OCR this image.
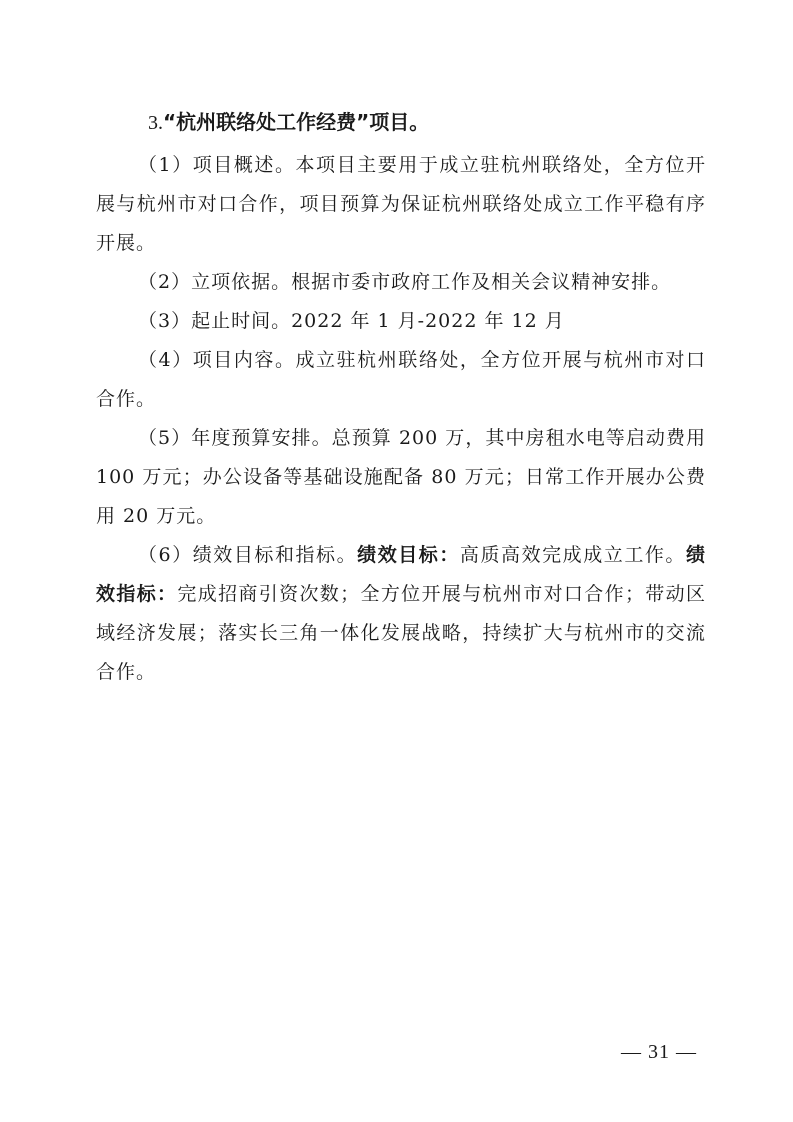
3.“杭州联络处工作经费”项目。

（1）项目概述。本项目主要用于成立驻杭州联络处，全方位开展与杭州市对口合作，项目预算为保证杭州联络处成立工作平稳有序开展。

（2）立项依据。根据市委市政府工作及相关会议精神安排。

（3）起止时间。2022 年 1 月-2022 年 12 月

（4）项目内容。成立驻杭州联络处，全方位开展与杭州市对口合作。

（5）年度预算安排。总预算 200 万，其中房租水电等启动费用 100 万元；办公设备等基础设施配备 80 万元；日常工作开展办公费用 20 万元。

（6）绩效目标和指标。绩效目标：高质高效完成成立工作。绩效指标：完成招商引资次数；全方位开展与杭州市对口合作；带动区域经济发展；落实长三角一体化发展战略，持续扩大与杭州市的交流合作。

— 31 —
